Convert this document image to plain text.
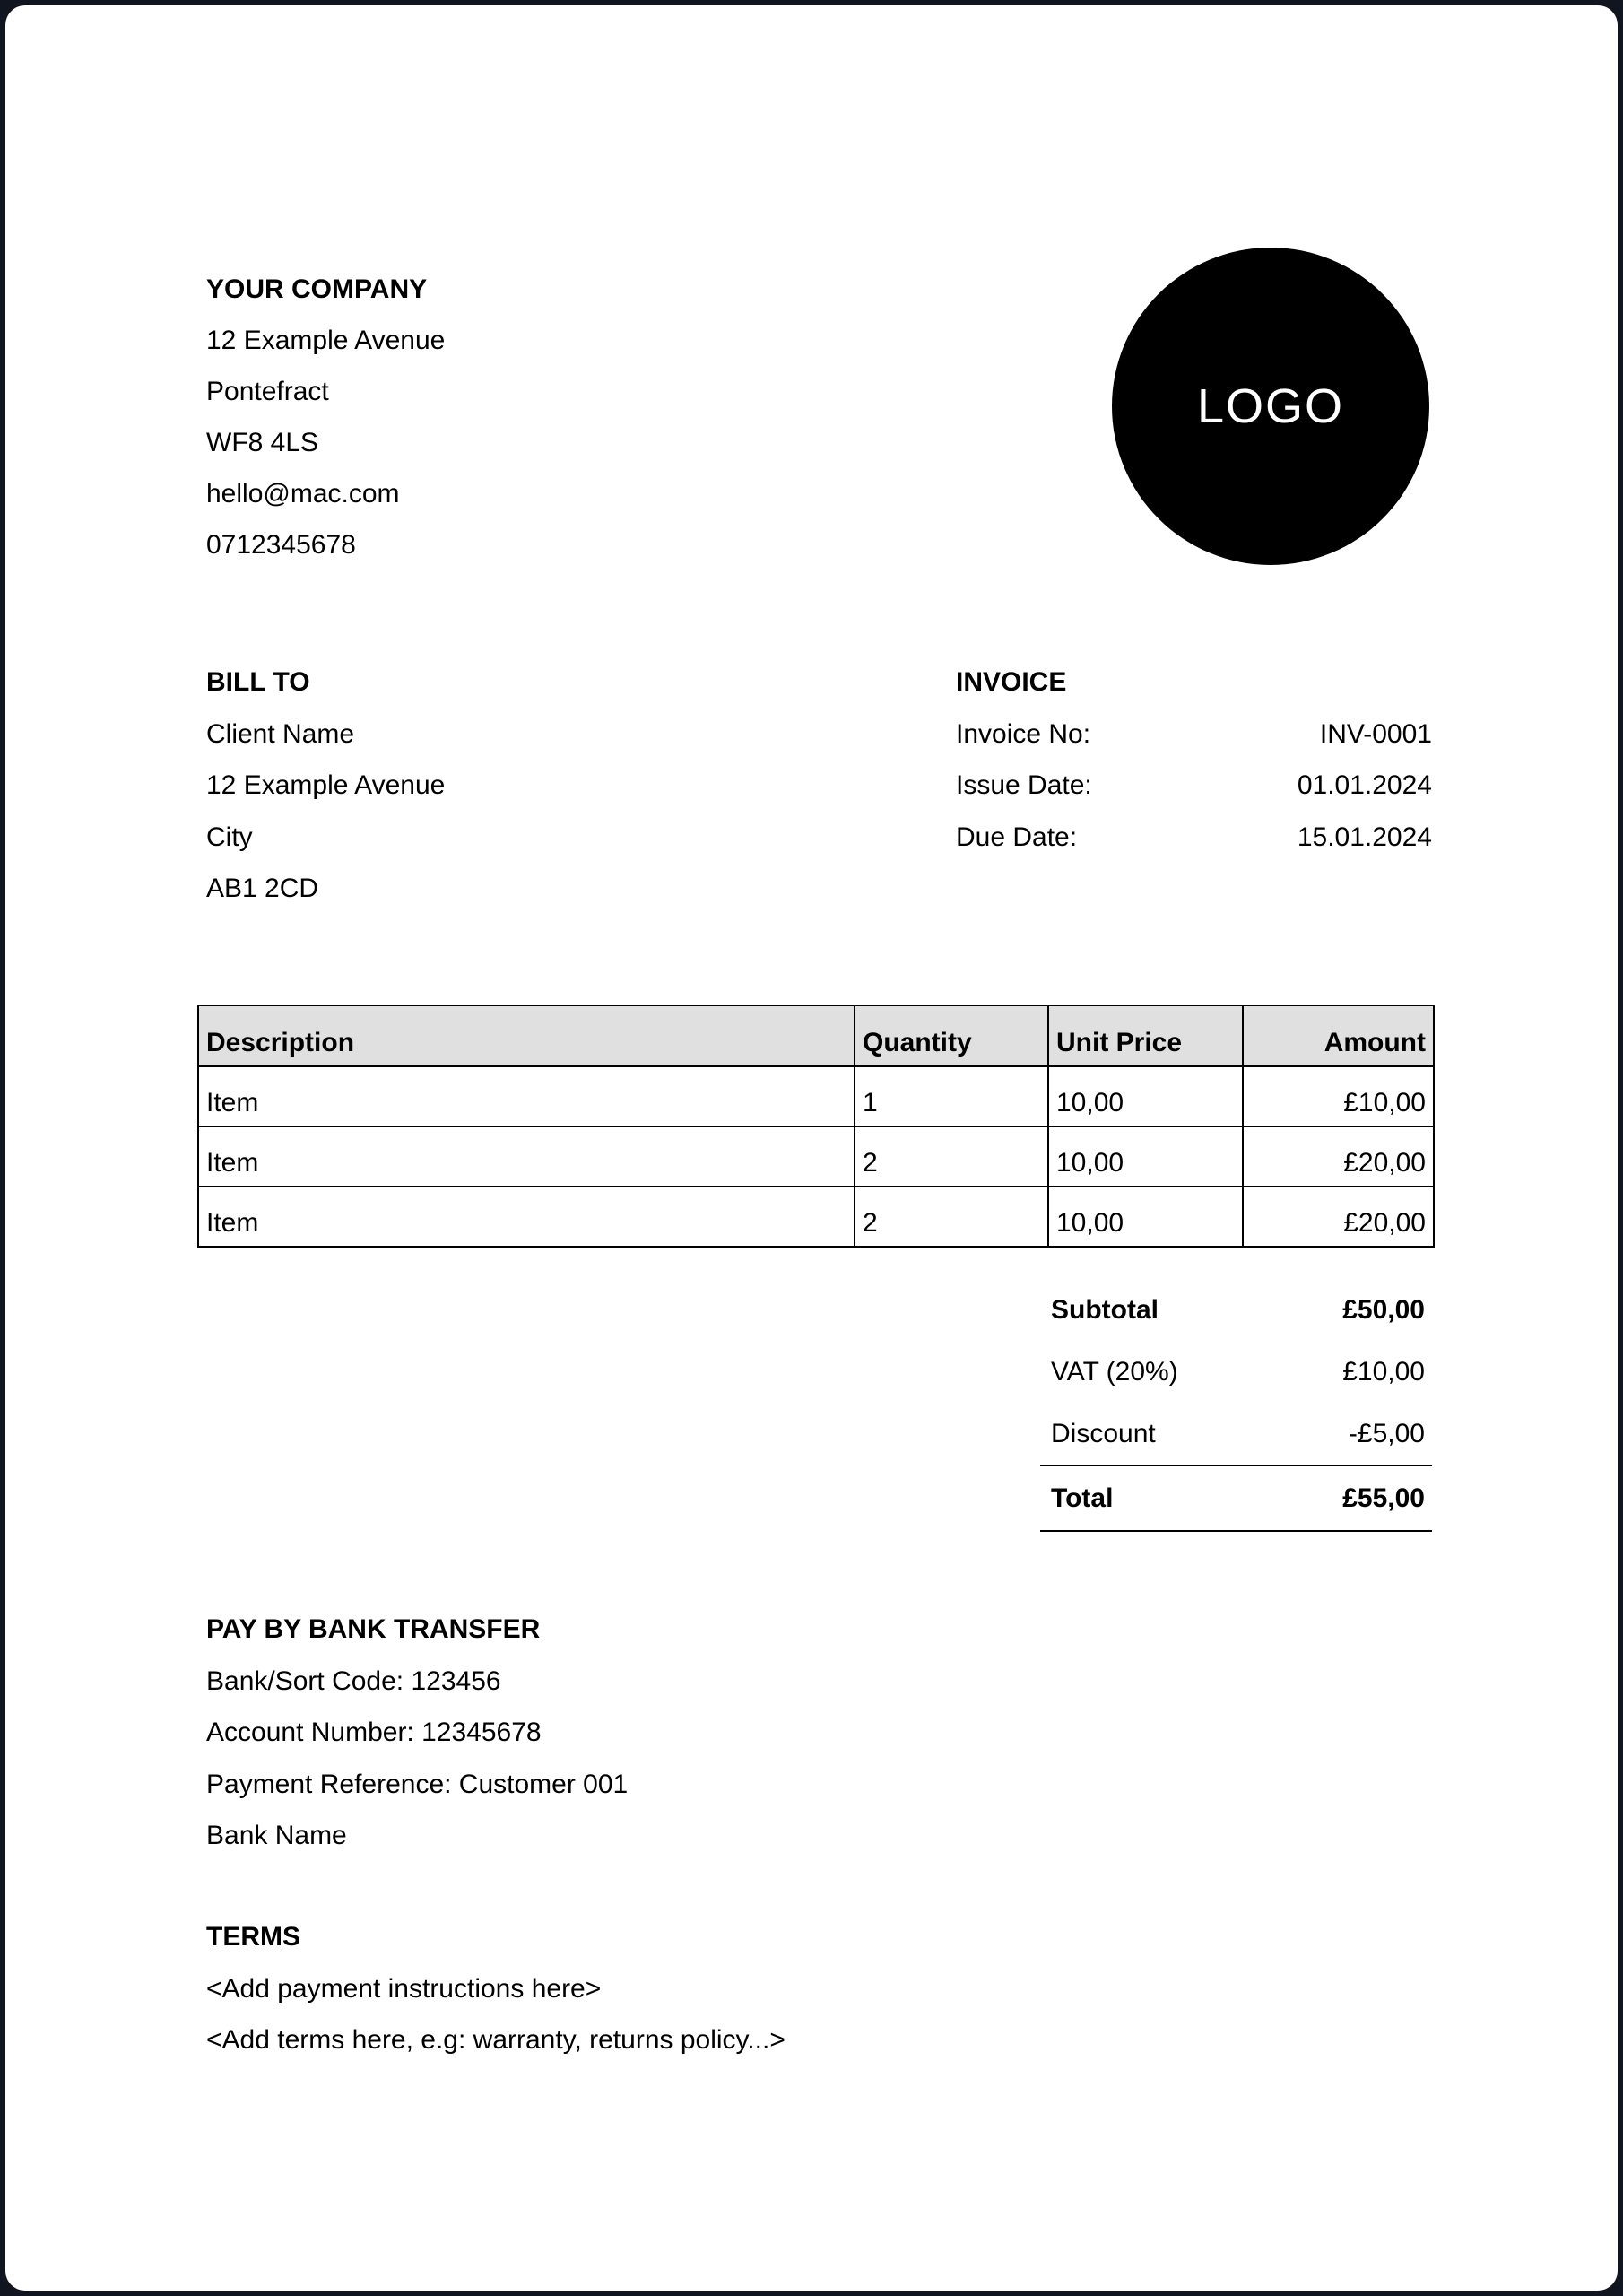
YOUR COMPANY
12 Example Avenue
Pontefract
WF8 4LS
hello@mac.com
0712345678
LOGO
BILL TO
Client Name
12 Example Avenue
City
AB1 2CD
INVOICE
Invoice No:	INV-0001
Issue Date:	01.01.2024
Due Date:	15.01.2024
Description	Quantity	Unit Price	Amount
Item	1	10,00	£10,00
Item	2	10,00	£20,00
Item	2	10,00	£20,00
Subtotal	£50,00
VAT (20%)	£10,00
Discount	-£5,00
Total	£55,00
PAY BY BANK TRANSFER
Bank/Sort Code: 123456
Account Number: 12345678
Payment Reference: Customer 001
Bank Name
TERMS
<Add payment instructions here>
<Add terms here, e.g: warranty, returns policy...>
